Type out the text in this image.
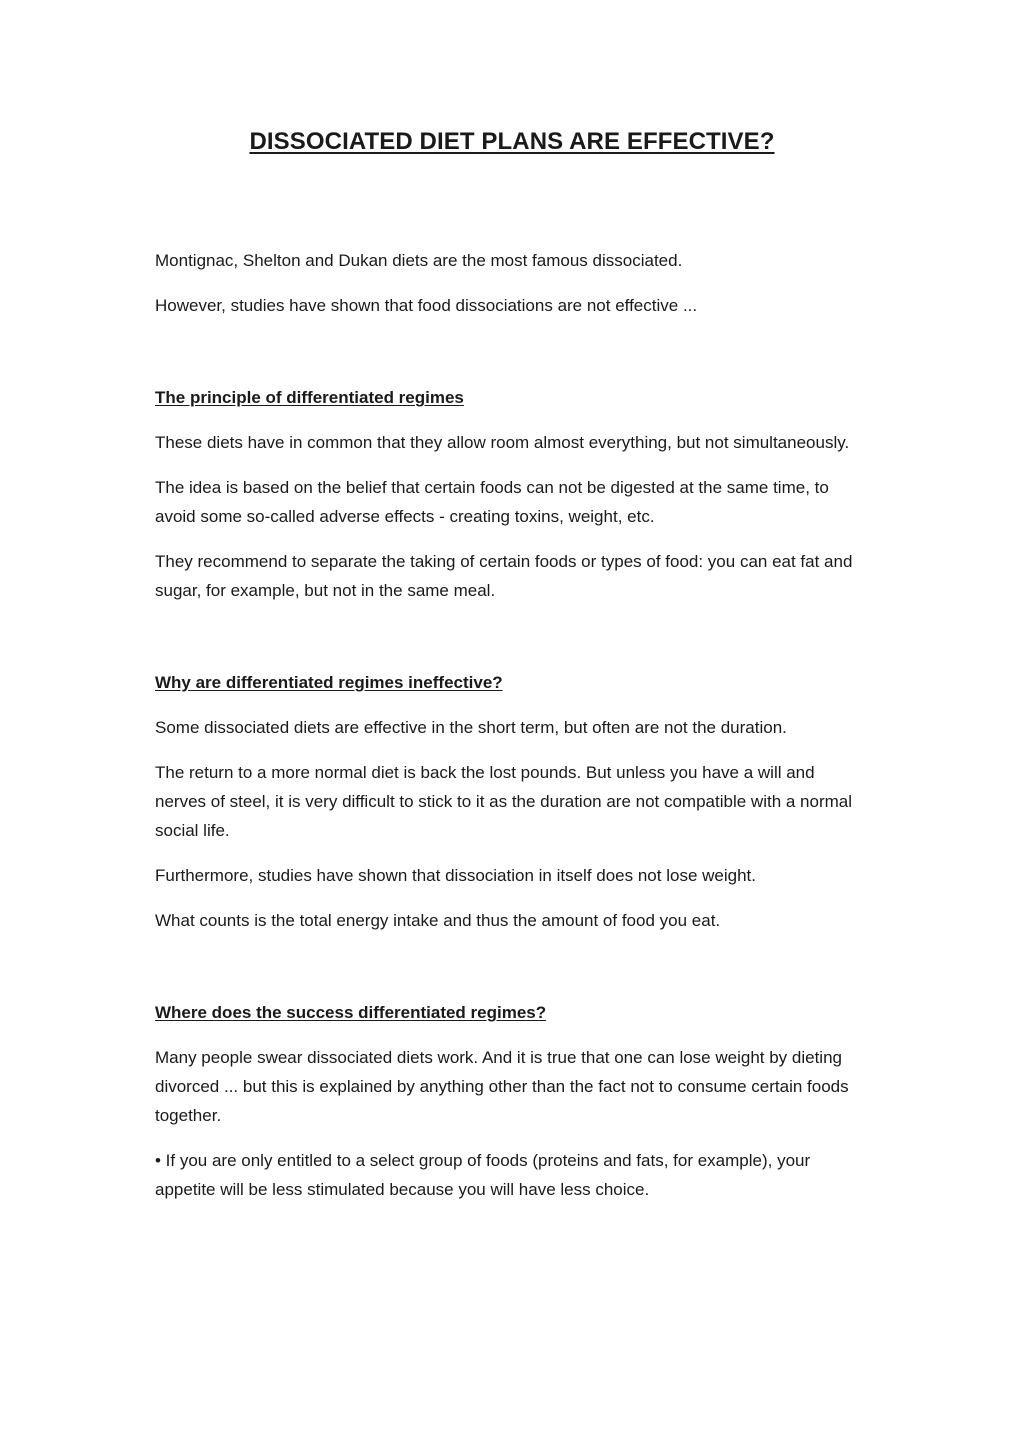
DISSOCIATED DIET PLANS ARE EFFECTIVE?

Montignac, Shelton and Dukan diets are the most famous dissociated.

However, studies have shown that food dissociations are not effective ...

The principle of differentiated regimes

These diets have in common that they allow room almost everything, but not simultaneously.

The idea is based on the belief that certain foods can not be digested at the same time, to avoid some so-called adverse effects - creating toxins, weight, etc.

They recommend to separate the taking of certain foods or types of food: you can eat fat and sugar, for example, but not in the same meal.

Why are differentiated regimes ineffective?

Some dissociated diets are effective in the short term, but often are not the duration.

The return to a more normal diet is back the lost pounds. But unless you have a will and nerves of steel, it is very difficult to stick to it as the duration are not compatible with a normal social life.

Furthermore, studies have shown that dissociation in itself does not lose weight.

What counts is the total energy intake and thus the amount of food you eat.

Where does the success differentiated regimes?

Many people swear dissociated diets work. And it is true that one can lose weight by dieting divorced ... but this is explained by anything other than the fact not to consume certain foods together.

• If you are only entitled to a select group of foods (proteins and fats, for example), your appetite will be less stimulated because you will have less choice.
